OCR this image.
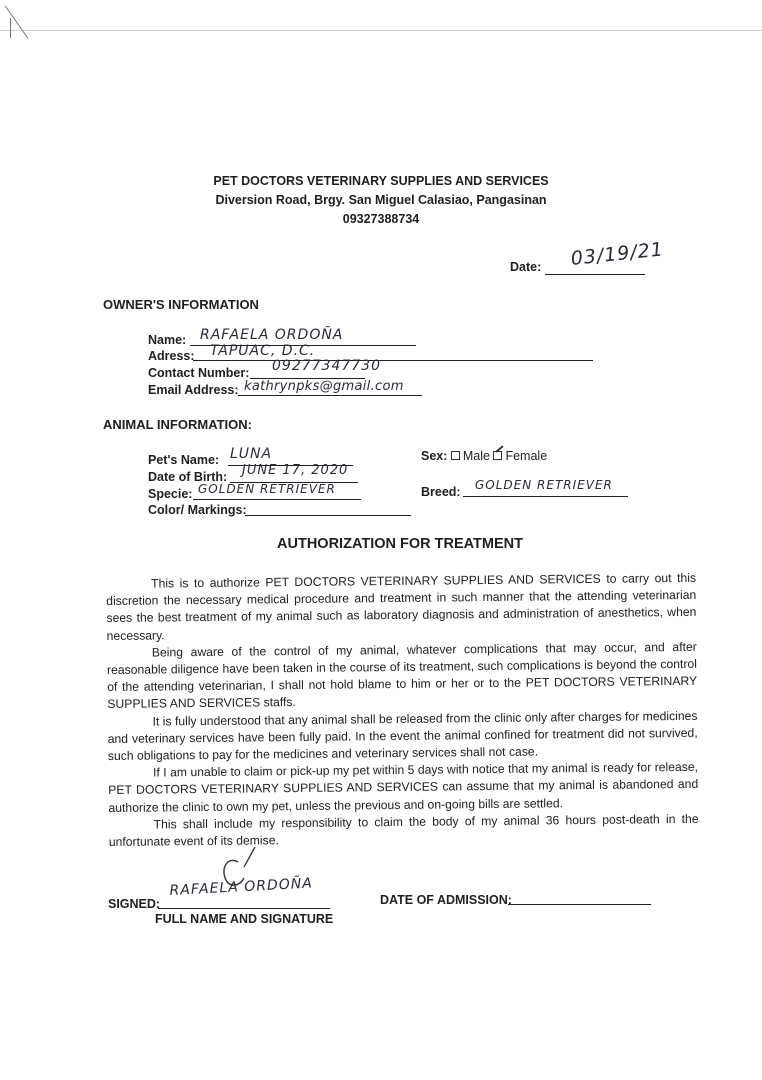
PET DOCTORS VETERINARY SUPPLIES AND SERVICES
Diversion Road, Brgy. San Miguel Calasiao, Pangasinan
09327388734
Date: 03/19/21
OWNER'S INFORMATION
Name: RAFAELA ORDOÑA
Adress: TAPUAC, D.C.
Contact Number: 09277347730
Email Address: kathrynpks@gmail.com
ANIMAL INFORMATION:
Pet's Name: LUNA
Date of Birth: JUNE 17, 2020
Specie: GOLDEN RETRIEVER
Color/ Markings:
Sex: Male Female
Breed: GOLDEN RETRIEVER
AUTHORIZATION FOR TREATMENT

This is to authorize PET DOCTORS VETERINARY SUPPLIES AND SERVICES to carry out this discretion the necessary medical procedure and treatment in such manner that the attending veterinarian sees the best treatment of my animal such as laboratory diagnosis and administration of anesthetics, when necessary.

Being aware of the control of my animal, whatever complications that may occur, and after reasonable diligence have been taken in the course of its treatment, such complications is beyond the control of the attending veterinarian, I shall not hold blame to him or her or to the PET DOCTORS VETERINARY SUPPLIES AND SERVICES staffs.

It is fully understood that any animal shall be released from the clinic only after charges for medicines and veterinary services have been fully paid. In the event the animal confined for treatment did not survived, such obligations to pay for the medicines and veterinary services shall not case.

If I am unable to claim or pick-up my pet within 5 days with notice that my animal is ready for release, PET DOCTORS VETERINARY SUPPLIES AND SERVICES can assume that my animal is abandoned and authorize the clinic to own my pet, unless the previous and on-going bills are settled.

This shall include my responsibility to claim the body of my animal 36 hours post-death in the unfortunate event of its demise.

SIGNED:
RAFAELA ORDOÑA
FULL NAME AND SIGNATURE
DATE OF ADMISSION:
